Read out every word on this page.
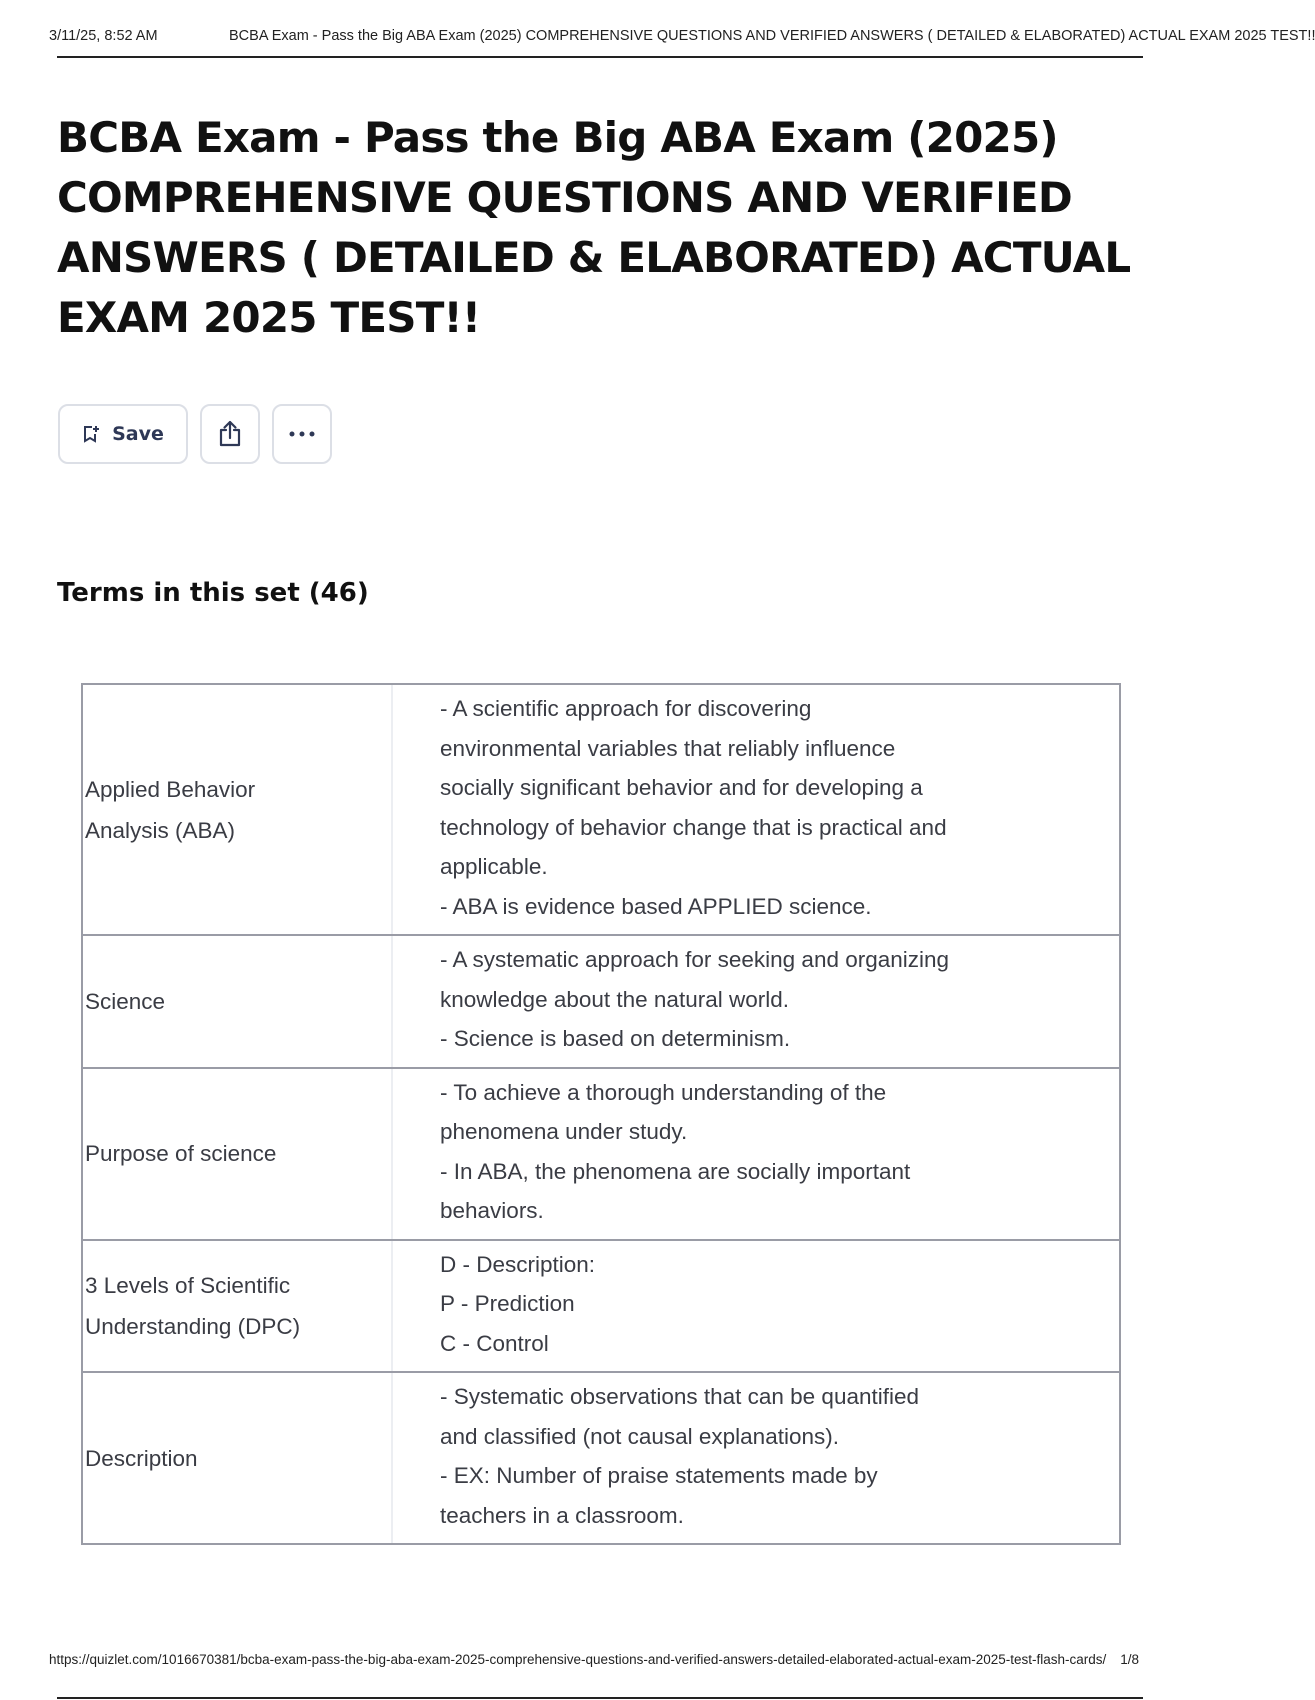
3/11/25, 8:52 AM	BCBA Exam - Pass the Big ABA Exam (2025) COMPREHENSIVE QUESTIONS AND VERIFIED ANSWERS ( DETAILED & ELABORATED) ACTUAL EXAM 2025 TEST!!
BCBA Exam - Pass the Big ABA Exam (2025)
COMPREHENSIVE QUESTIONS AND VERIFIED
ANSWERS ( DETAILED & ELABORATED) ACTUAL
EXAM 2025 TEST!!
Save
Terms in this set (46)
Applied Behavior
Analysis (ABA)
- A scientific approach for discovering
environmental variables that reliably influence
socially significant behavior and for developing a
technology of behavior change that is practical and
applicable.
- ABA is evidence based APPLIED science.
Science
- A systematic approach for seeking and organizing
knowledge about the natural world.
- Science is based on determinism.
Purpose of science
- To achieve a thorough understanding of the
phenomena under study.
- In ABA, the phenomena are socially important
behaviors.
3 Levels of Scientific
Understanding (DPC)
D - Description:
P - Prediction
C - Control
Description
- Systematic observations that can be quantified
and classified (not causal explanations).
- EX: Number of praise statements made by
teachers in a classroom.
https://quizlet.com/1016670381/bcba-exam-pass-the-big-aba-exam-2025-comprehensive-questions-and-verified-answers-detailed-elaborated-actual-exam-2025-test-flash-cards/ 1/8
